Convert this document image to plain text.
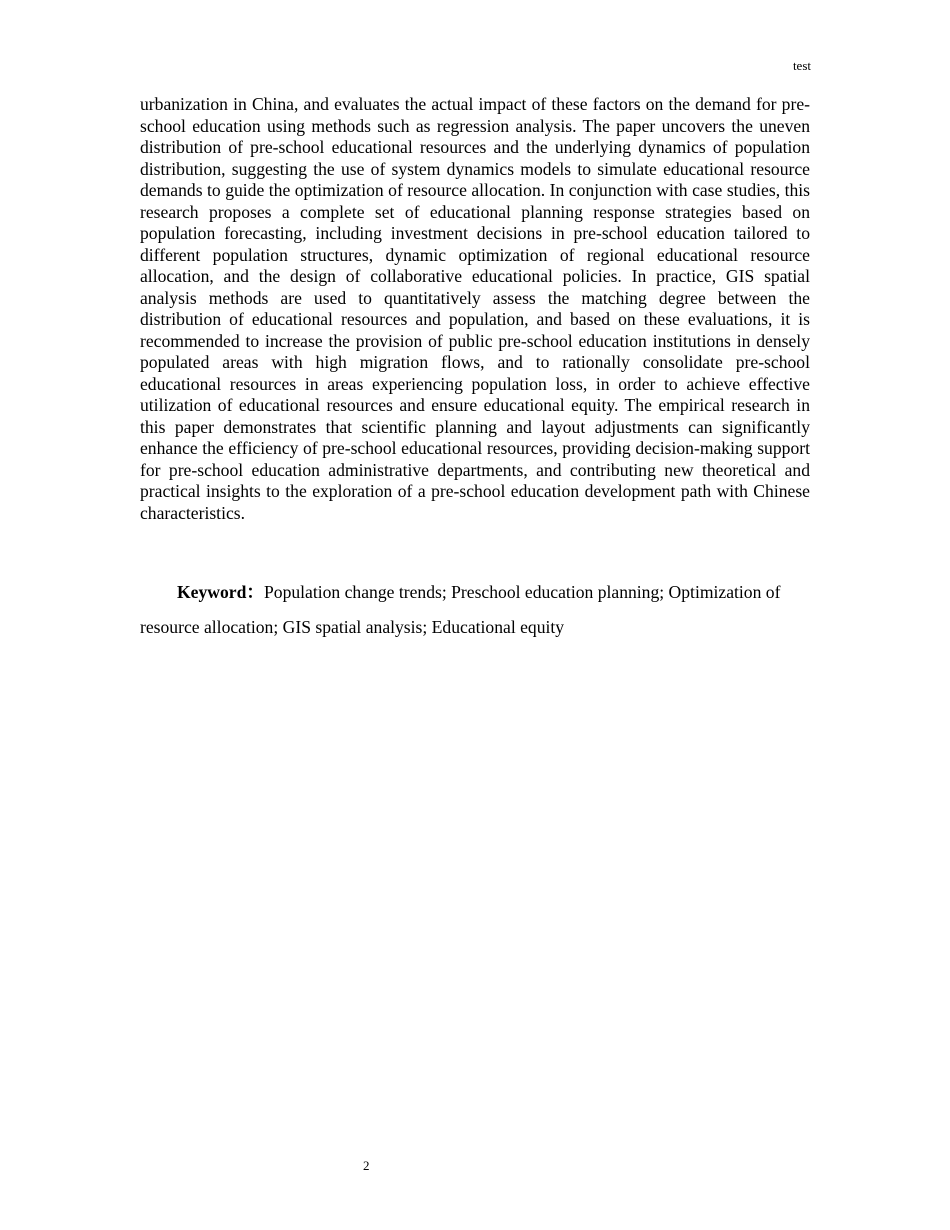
test

urbanization in China, and evaluates the actual impact of these factors on the demand for pre-school education using methods such as regression analysis. The paper uncovers the uneven distribution of pre-school educational resources and the underlying dynamics of population distribution, suggesting the use of system dynamics models to simulate educational resource demands to guide the optimization of resource allocation. In conjunction with case studies, this research proposes a complete set of educational planning response strategies based on population forecasting, including investment decisions in pre-school education tailored to different population structures, dynamic optimization of regional educational resource allocation, and the design of collaborative educational policies. In practice, GIS spatial analysis methods are used to quantitatively assess the matching degree between the distribution of educational resources and population, and based on these evaluations, it is recommended to increase the provision of public pre-school education institutions in densely populated areas with high migration flows, and to rationally consolidate pre-school educational resources in areas experiencing population loss, in order to achieve effective utilization of educational resources and ensure educational equity. The empirical research in this paper demonstrates that scientific planning and layout adjustments can significantly enhance the efficiency of pre-school educational resources, providing decision-making support for pre-school education administrative departments, and contributing new theoretical and practical insights to the exploration of a pre-school education development path with Chinese characteristics.

Keyword：Population change trends; Preschool education planning; Optimization of resource allocation; GIS spatial analysis; Educational equity

2
